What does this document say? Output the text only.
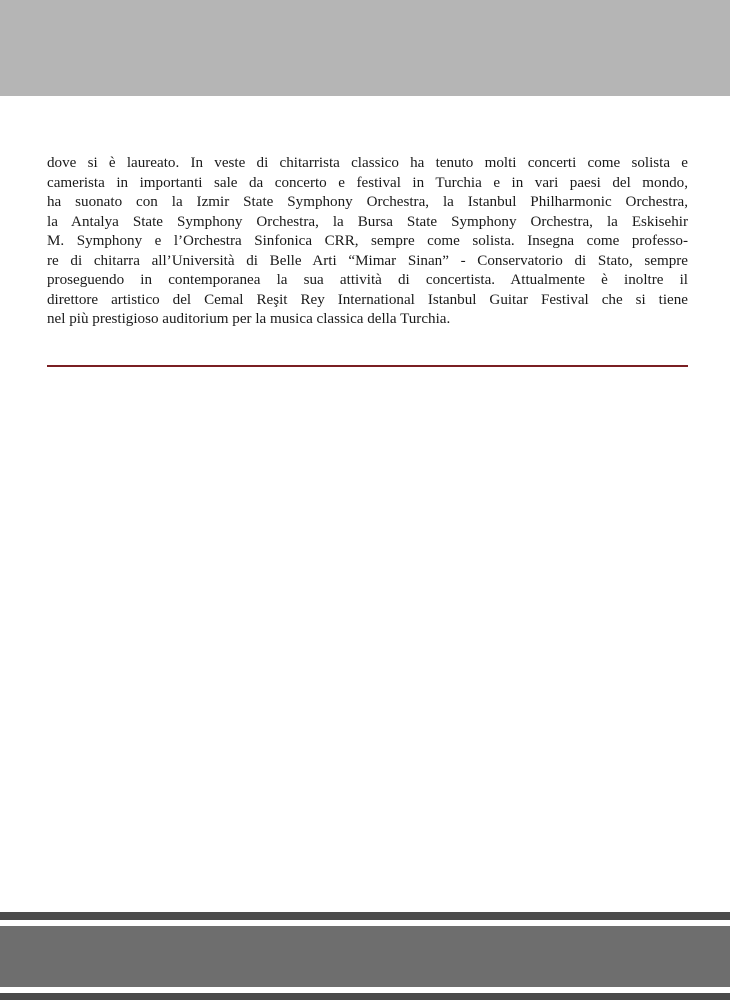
dove si è laureato. In veste di chitarrista classico ha tenuto molti concerti come solista e
camerista in importanti sale da concerto e festival in Turchia e in vari paesi del mondo,
ha suonato con la Izmir State Symphony Orchestra, la Istanbul Philharmonic Orchestra,
la Antalya State Symphony Orchestra, la Bursa State Symphony Orchestra, la Eskisehir
M. Symphony e l’Orchestra Sinfonica CRR, sempre come solista. Insegna come professo-
re di chitarra all’Università di Belle Arti “Mimar Sinan” - Conservatorio di Stato, sempre
proseguendo in contemporanea la sua attività di concertista. Attualmente è inoltre il
direttore artistico del Cemal Reşit Rey International Istanbul Guitar Festival che si tiene
nel più prestigioso auditorium per la musica classica della Turchia.
